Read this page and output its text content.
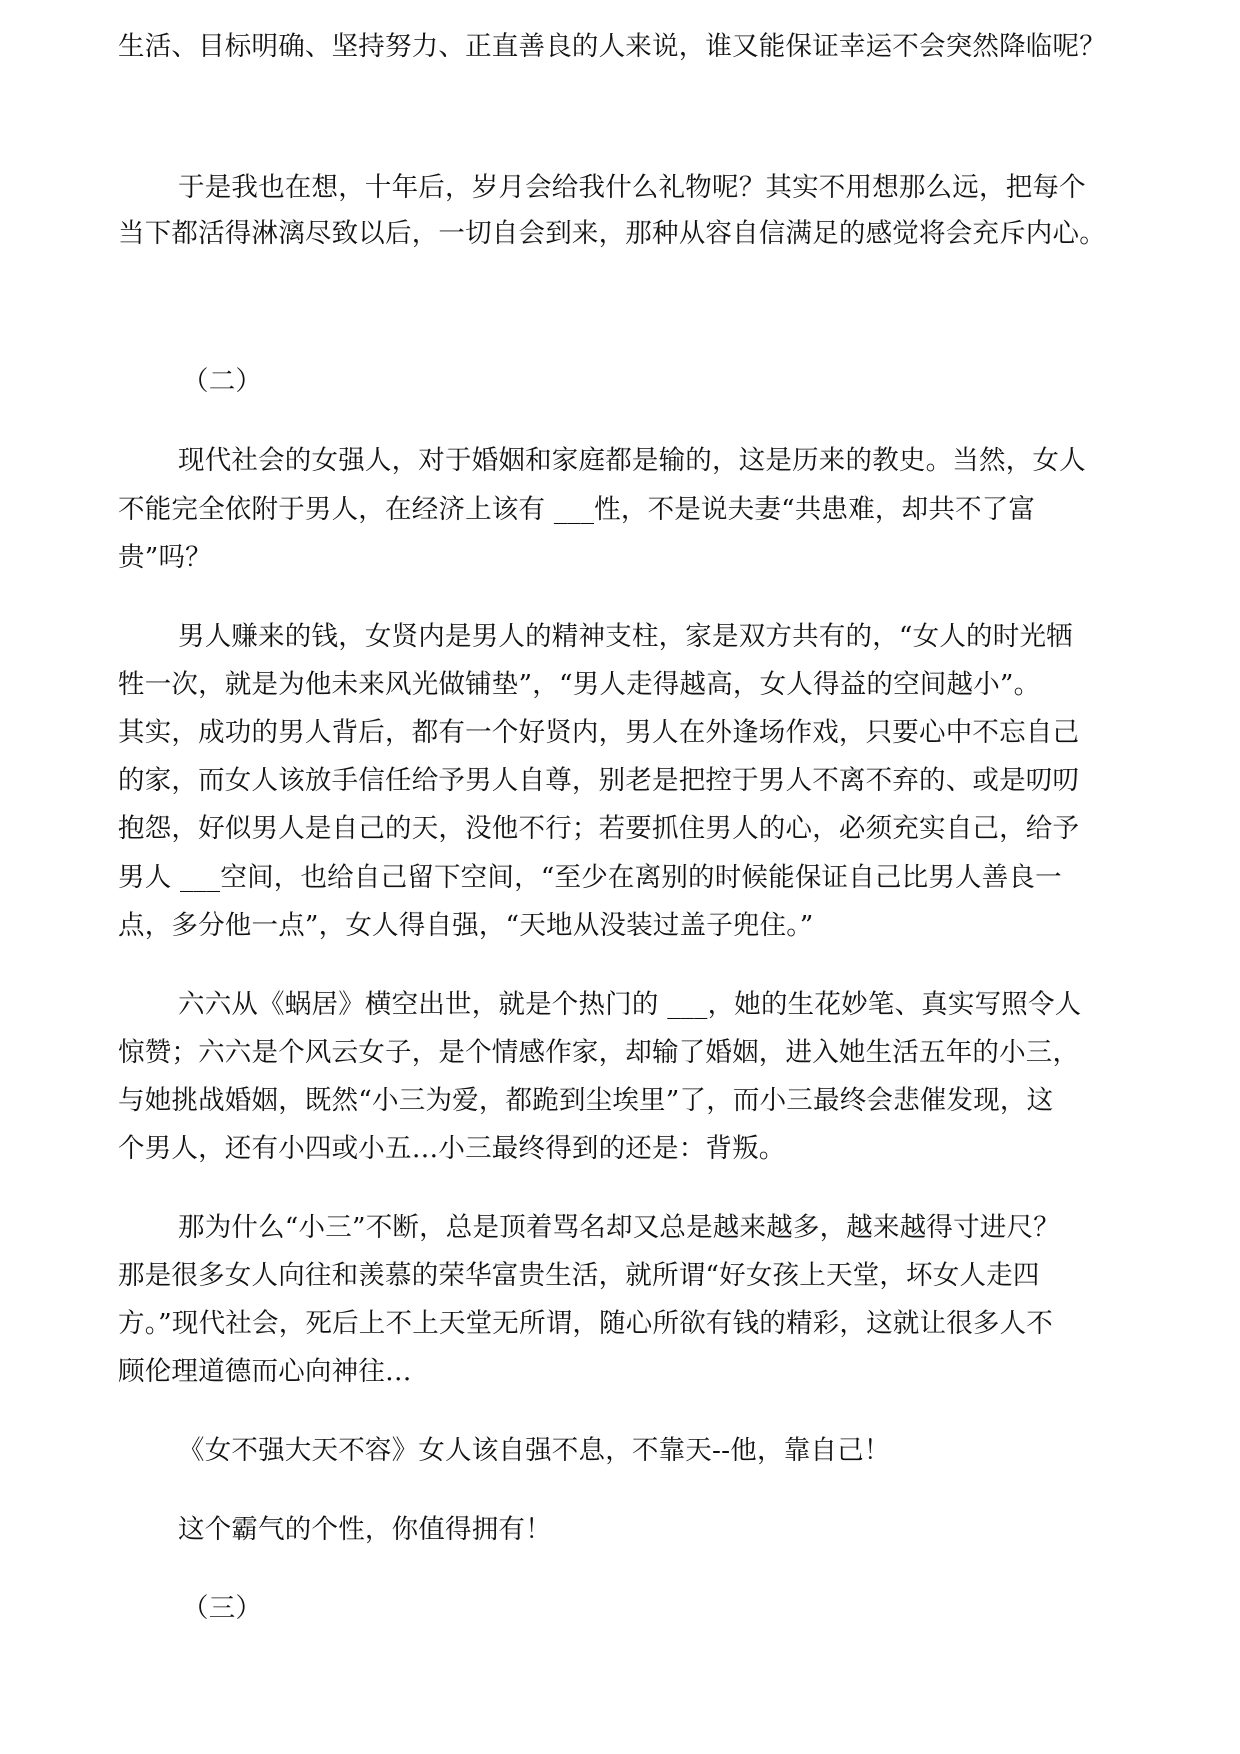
生活、目标明确、坚持努力、正直善良的人来说，谁又能保证幸运不会突然降临呢？
于是我也在想，十年后，岁月会给我什么礼物呢？其实不用想那么远，把每个
当下都活得淋漓尽致以后，一切自会到来，那种从容自信满足的感觉将会充斥内心。
（二）
现代社会的女强人，对于婚姻和家庭都是输的，这是历来的教史。当然，女人
不能完全依附于男人，在经济上该有 ___性，不是说夫妻“共患难，却共不了富
贵”吗？
男人赚来的钱，女贤内是男人的精神支柱，家是双方共有的，“女人的时光牺
牲一次，就是为他未来风光做铺垫”，“男人走得越高，女人得益的空间越小”。
其实，成功的男人背后，都有一个好贤内，男人在外逢场作戏，只要心中不忘自己
的家，而女人该放手信任给予男人自尊，别老是把控于男人不离不弃的、或是叨叨
抱怨，好似男人是自己的天，没他不行；若要抓住男人的心，必须充实自己，给予
男人 ___空间，也给自己留下空间，“至少在离别的时候能保证自己比男人善良一
点，多分他一点”，女人得自强，“天地从没装过盖子兜住。”
六六从《蜗居》横空出世，就是个热门的 ___，她的生花妙笔、真实写照令人
惊赞；六六是个风云女子，是个情感作家，却输了婚姻，进入她生活五年的小三，
与她挑战婚姻，既然“小三为爱，都跪到尘埃里”了，而小三最终会悲催发现，这
个男人，还有小四或小五…小三最终得到的还是：背叛。
那为什么“小三”不断，总是顶着骂名却又总是越来越多，越来越得寸进尺？
那是很多女人向往和羡慕的荣华富贵生活，就所谓“好女孩上天堂，坏女人走四
方。”现代社会，死后上不上天堂无所谓，随心所欲有钱的精彩，这就让很多人不
顾伦理道德而心向神往…
《女不强大天不容》女人该自强不息，不靠天--他，靠自己！
这个霸气的个性，你值得拥有！
（三）
